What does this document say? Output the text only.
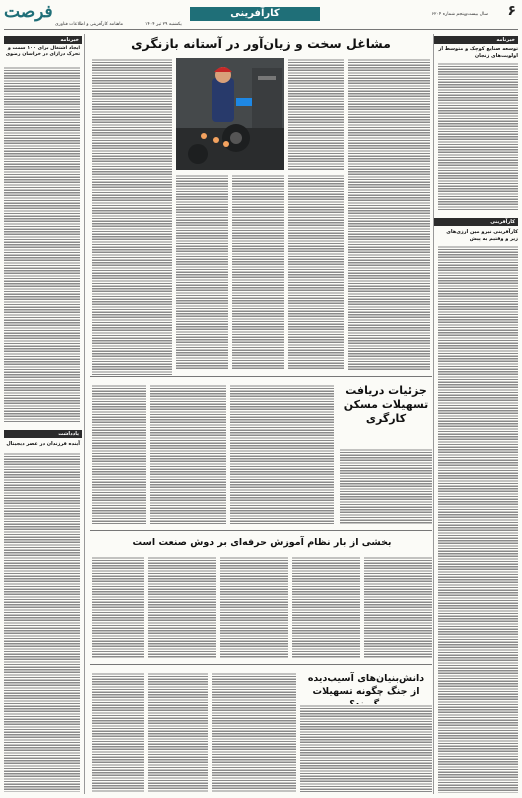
۶
کارآفرینی	سال بیست‌وپنجم شماره ۶۲۰۴
یکشنبه ۲۹ تیر ۱۴۰۴
ماهنامه کارآفرینی و اطلاعات فناوری
فرصت
خبرنامه
توسعه صنایع کوچک و متوسط از اولویت‌های زنجان
کارآفرینی
کارآفرینی نیرو مین ارزی‌های زیر و وقتیم به پیش
خبرنامه
ایجاد اشتغال برای ۱۰۰ سمت و تحرک درازای در خراسان رضوی
یادداشت
آینده فرزندان در عصر دیجیتال
مشاغل سخت و زیان‌آور در آستانه بازنگری
جزئیات دریافت
تسهیلات مسکن
کارگری
بخشی از بار نظام آموزش حرفه‌ای بر دوش صنعت است
دانش‌بنیان‌های آسیب‌دیده
از جنگ چگونه تسهیلات
